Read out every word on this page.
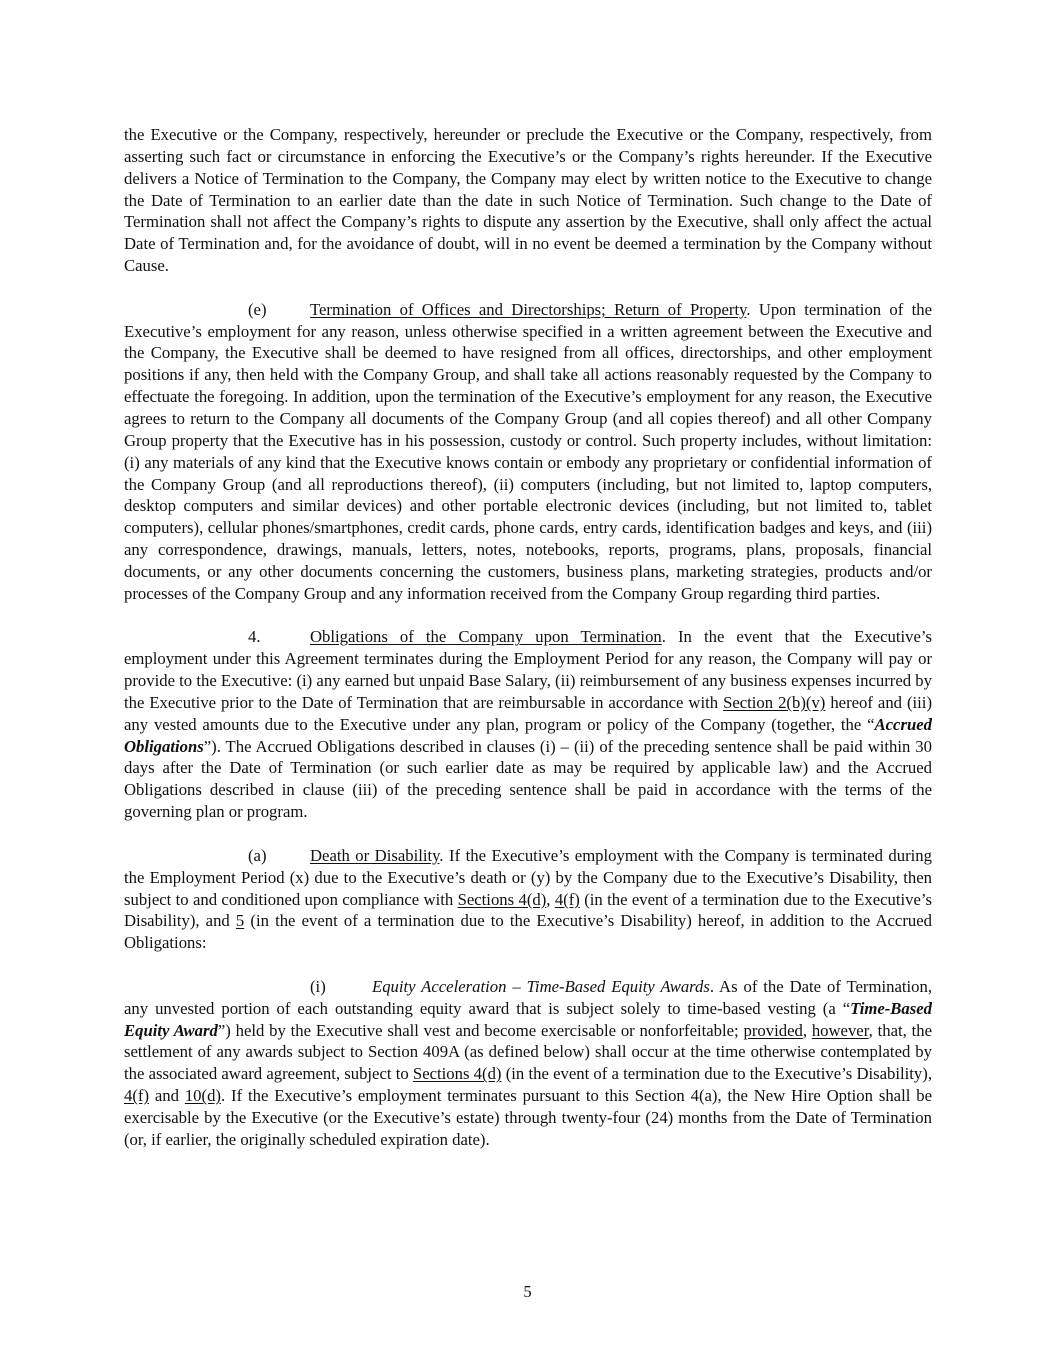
the Executive or the Company, respectively, hereunder or preclude the Executive or the Company, respectively, from asserting such fact or circumstance in enforcing the Executive’s or the Company’s rights hereunder. If the Executive delivers a Notice of Termination to the Company, the Company may elect by written notice to the Executive to change the Date of Termination to an earlier date than the date in such Notice of Termination. Such change to the Date of Termination shall not affect the Company’s rights to dispute any assertion by the Executive, shall only affect the actual Date of Termination and, for the avoidance of doubt, will in no event be deemed a termination by the Company without Cause.

(e)	Termination of Offices and Directorships; Return of Property. Upon termination of the Executive’s employment for any reason, unless otherwise specified in a written agreement between the Executive and the Company, the Executive shall be deemed to have resigned from all offices, directorships, and other employment positions if any, then held with the Company Group, and shall take all actions reasonably requested by the Company to effectuate the foregoing. In addition, upon the termination of the Executive’s employment for any reason, the Executive agrees to return to the Company all documents of the Company Group (and all copies thereof) and all other Company Group property that the Executive has in his possession, custody or control. Such property includes, without limitation: (i) any materials of any kind that the Executive knows contain or embody any proprietary or confidential information of the Company Group (and all reproductions thereof), (ii) computers (including, but not limited to, laptop computers, desktop computers and similar devices) and other portable electronic devices (including, but not limited to, tablet computers), cellular phones/smartphones, credit cards, phone cards, entry cards, identification badges and keys, and (iii) any correspondence, drawings, manuals, letters, notes, notebooks, reports, programs, plans, proposals, financial documents, or any other documents concerning the customers, business plans, marketing strategies, products and/or processes of the Company Group and any information received from the Company Group regarding third parties.

4.	Obligations of the Company upon Termination. In the event that the Executive’s employment under this Agreement terminates during the Employment Period for any reason, the Company will pay or provide to the Executive: (i) any earned but unpaid Base Salary, (ii) reimbursement of any business expenses incurred by the Executive prior to the Date of Termination that are reimbursable in accordance with Section 2(b)(v) hereof and (iii) any vested amounts due to the Executive under any plan, program or policy of the Company (together, the “Accrued Obligations”). The Accrued Obligations described in clauses (i) – (ii) of the preceding sentence shall be paid within 30 days after the Date of Termination (or such earlier date as may be required by applicable law) and the Accrued Obligations described in clause (iii) of the preceding sentence shall be paid in accordance with the terms of the governing plan or program.

(a)	Death or Disability. If the Executive’s employment with the Company is terminated during the Employment Period (x) due to the Executive’s death or (y) by the Company due to the Executive’s Disability, then subject to and conditioned upon compliance with Sections 4(d), 4(f) (in the event of a termination due to the Executive’s Disability), and 5 (in the event of a termination due to the Executive’s Disability) hereof, in addition to the Accrued Obligations:

(i)	Equity Acceleration – Time-Based Equity Awards. As of the Date of Termination, any unvested portion of each outstanding equity award that is subject solely to time-based vesting (a “Time-Based Equity Award”) held by the Executive shall vest and become exercisable or nonforfeitable; provided, however, that, the settlement of any awards subject to Section 409A (as defined below) shall occur at the time otherwise contemplated by the associated award agreement, subject to Sections 4(d) (in the event of a termination due to the Executive’s Disability), 4(f) and 10(d). If the Executive’s employment terminates pursuant to this Section 4(a), the New Hire Option shall be exercisable by the Executive (or the Executive’s estate) through twenty-four (24) months from the Date of Termination (or, if earlier, the originally scheduled expiration date).

5
